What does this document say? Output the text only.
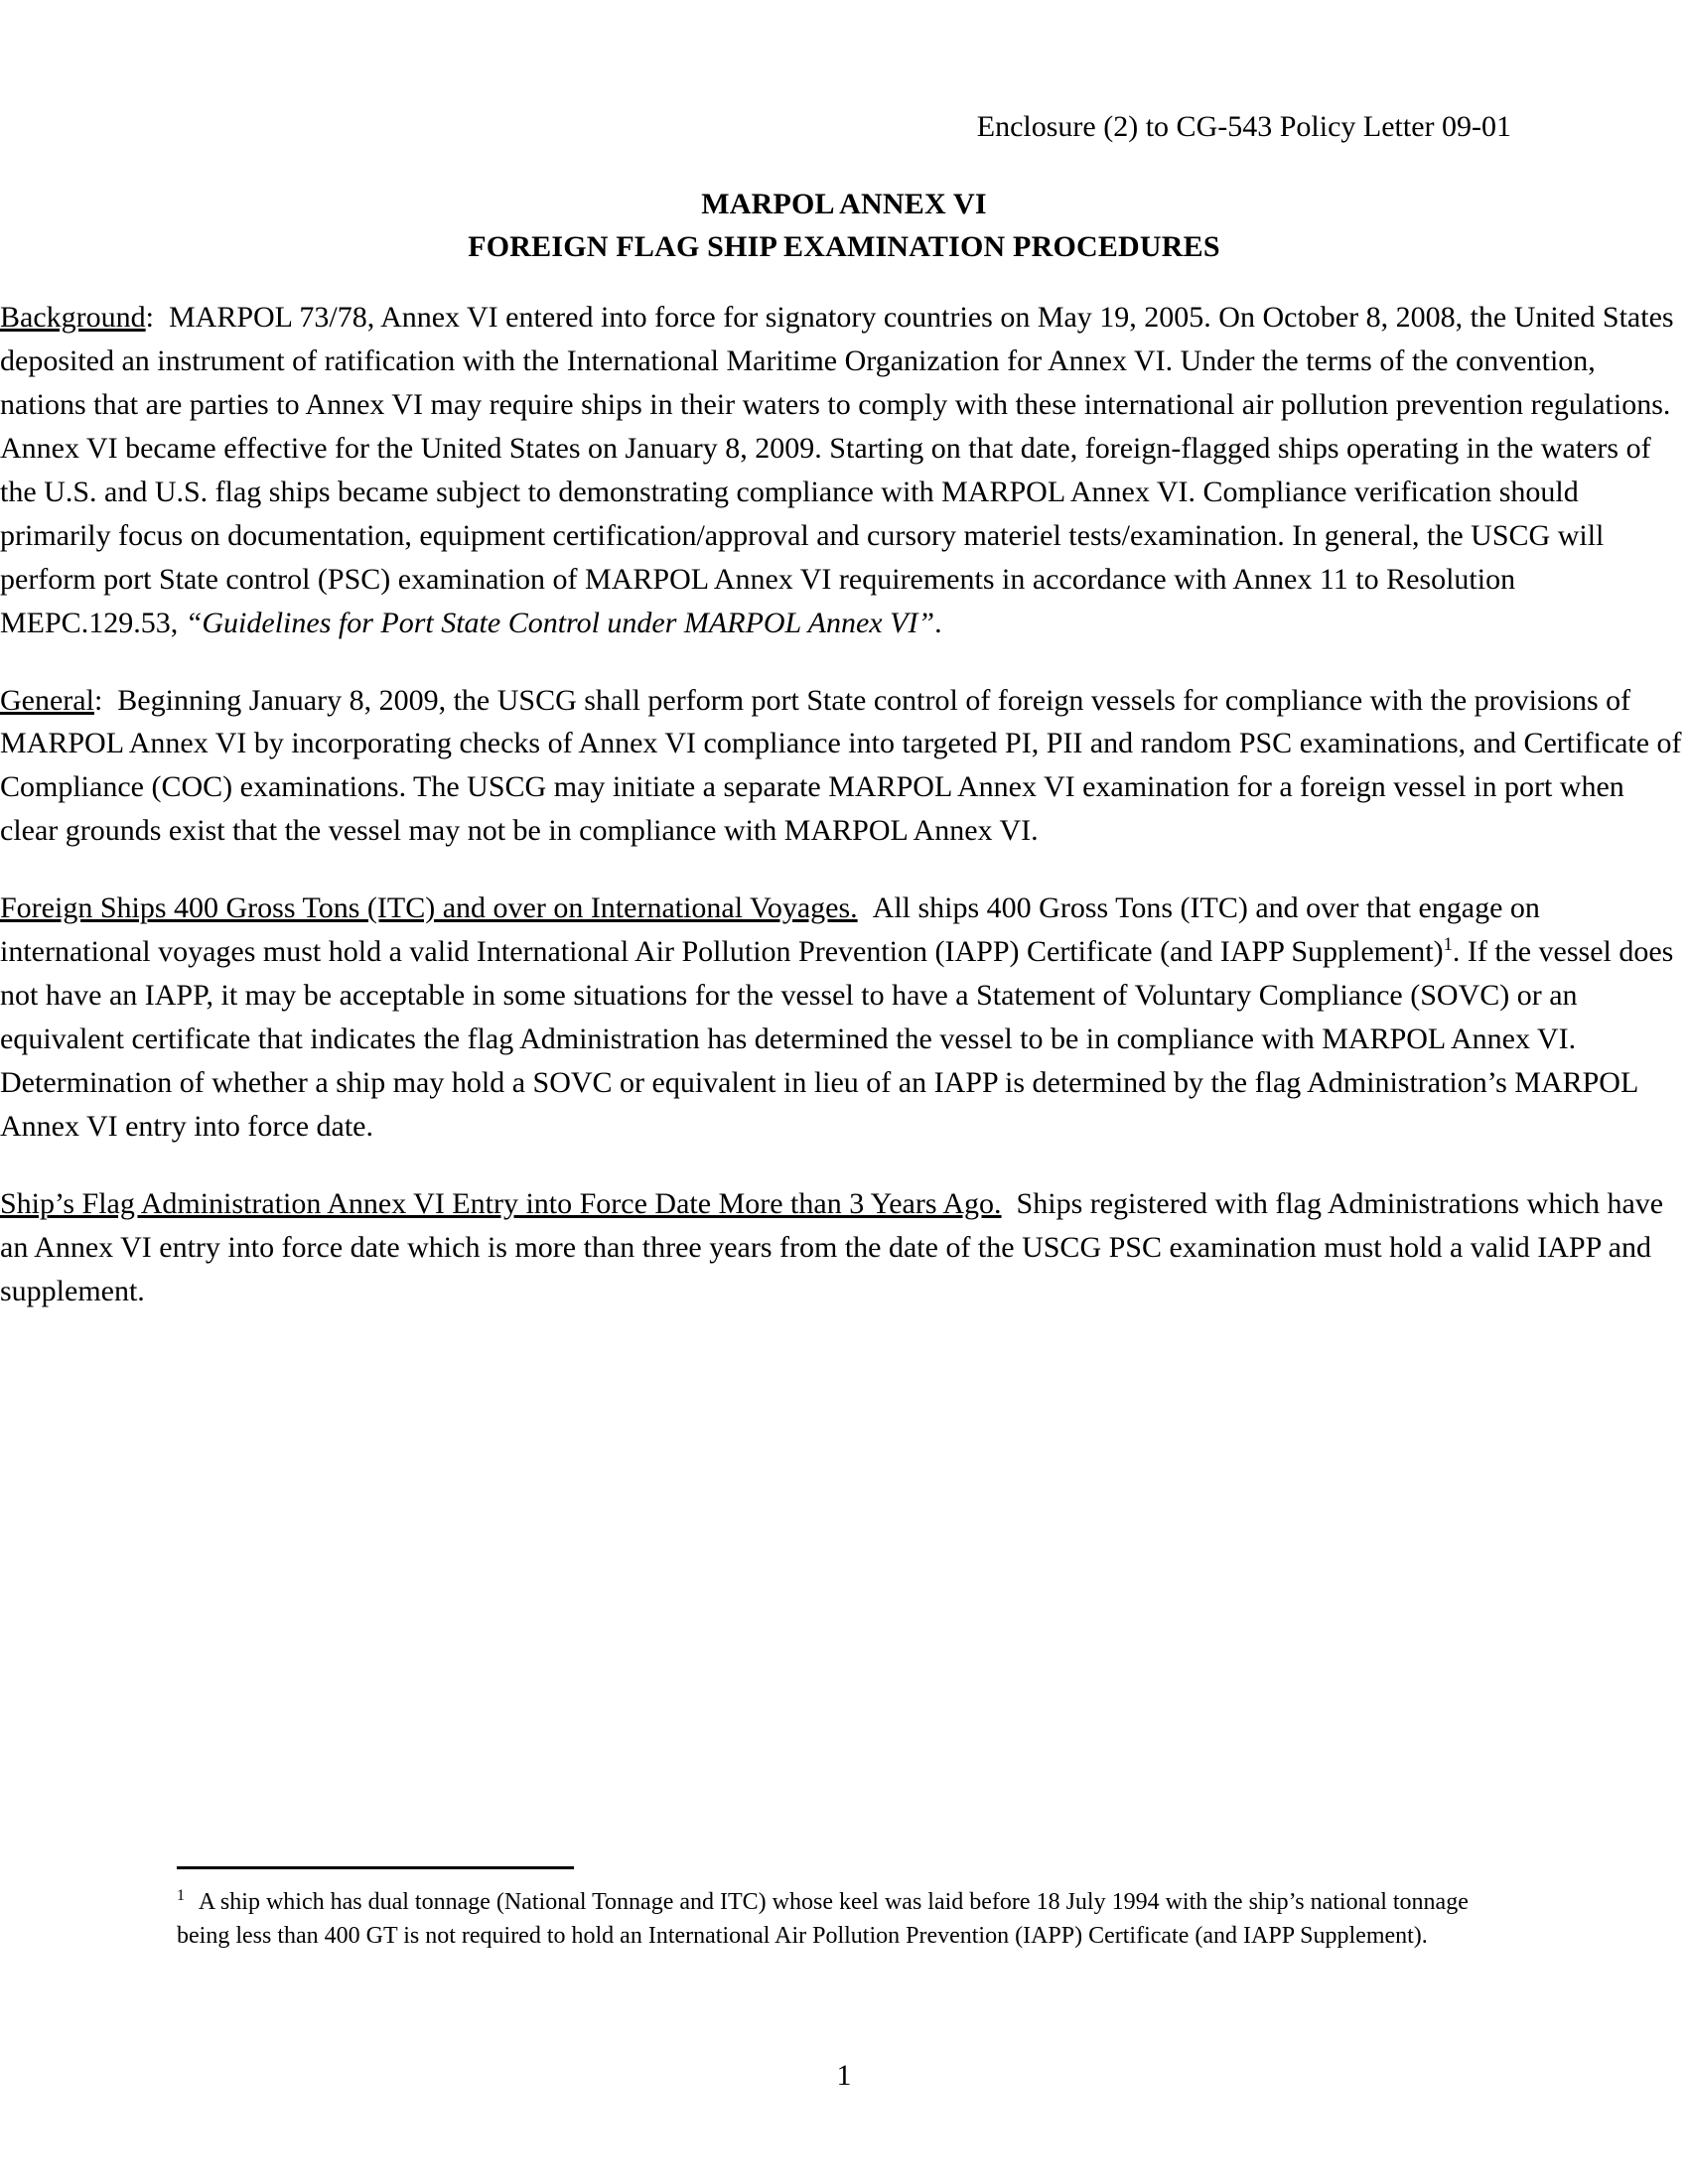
Enclosure (2) to CG-543 Policy Letter 09-01
MARPOL ANNEX VI
FOREIGN FLAG SHIP EXAMINATION PROCEDURES

Background: MARPOL 73/78, Annex VI entered into force for signatory countries on May 19, 2005. On October 8, 2008, the United States deposited an instrument of ratification with the International Maritime Organization for Annex VI. Under the terms of the convention, nations that are parties to Annex VI may require ships in their waters to comply with these international air pollution prevention regulations. Annex VI became effective for the United States on January 8, 2009. Starting on that date, foreign-flagged ships operating in the waters of the U.S. and U.S. flag ships became subject to demonstrating compliance with MARPOL Annex VI. Compliance verification should primarily focus on documentation, equipment certification/approval and cursory materiel tests/examination. In general, the USCG will perform port State control (PSC) examination of MARPOL Annex VI requirements in accordance with Annex 11 to Resolution MEPC.129.53, “Guidelines for Port State Control under MARPOL Annex VI”.

General: Beginning January 8, 2009, the USCG shall perform port State control of foreign vessels for compliance with the provisions of MARPOL Annex VI by incorporating checks of Annex VI compliance into targeted PI, PII and random PSC examinations, and Certificate of Compliance (COC) examinations. The USCG may initiate a separate MARPOL Annex VI examination for a foreign vessel in port when clear grounds exist that the vessel may not be in compliance with MARPOL Annex VI.

Foreign Ships 400 Gross Tons (ITC) and over on International Voyages. All ships 400 Gross Tons (ITC) and over that engage on international voyages must hold a valid International Air Pollution Prevention (IAPP) Certificate (and IAPP Supplement)$^1$. If the vessel does not have an IAPP, it may be acceptable in some situations for the vessel to have a Statement of Voluntary Compliance (SOVC) or an equivalent certificate that indicates the flag Administration has determined the vessel to be in compliance with MARPOL Annex VI. Determination of whether a ship may hold a SOVC or equivalent in lieu of an IAPP is determined by the flag Administration’s MARPOL Annex VI entry into force date.

Ship’s Flag Administration Annex VI Entry into Force Date More than 3 Years Ago. Ships registered with flag Administrations which have an Annex VI entry into force date which is more than three years from the date of the USCG PSC examination must hold a valid IAPP and supplement.

$^1$ A ship which has dual tonnage (National Tonnage and ITC) whose keel was laid before 18 July 1994 with the ship’s national tonnage being less than 400 GT is not required to hold an International Air Pollution Prevention (IAPP) Certificate (and IAPP Supplement).

1
